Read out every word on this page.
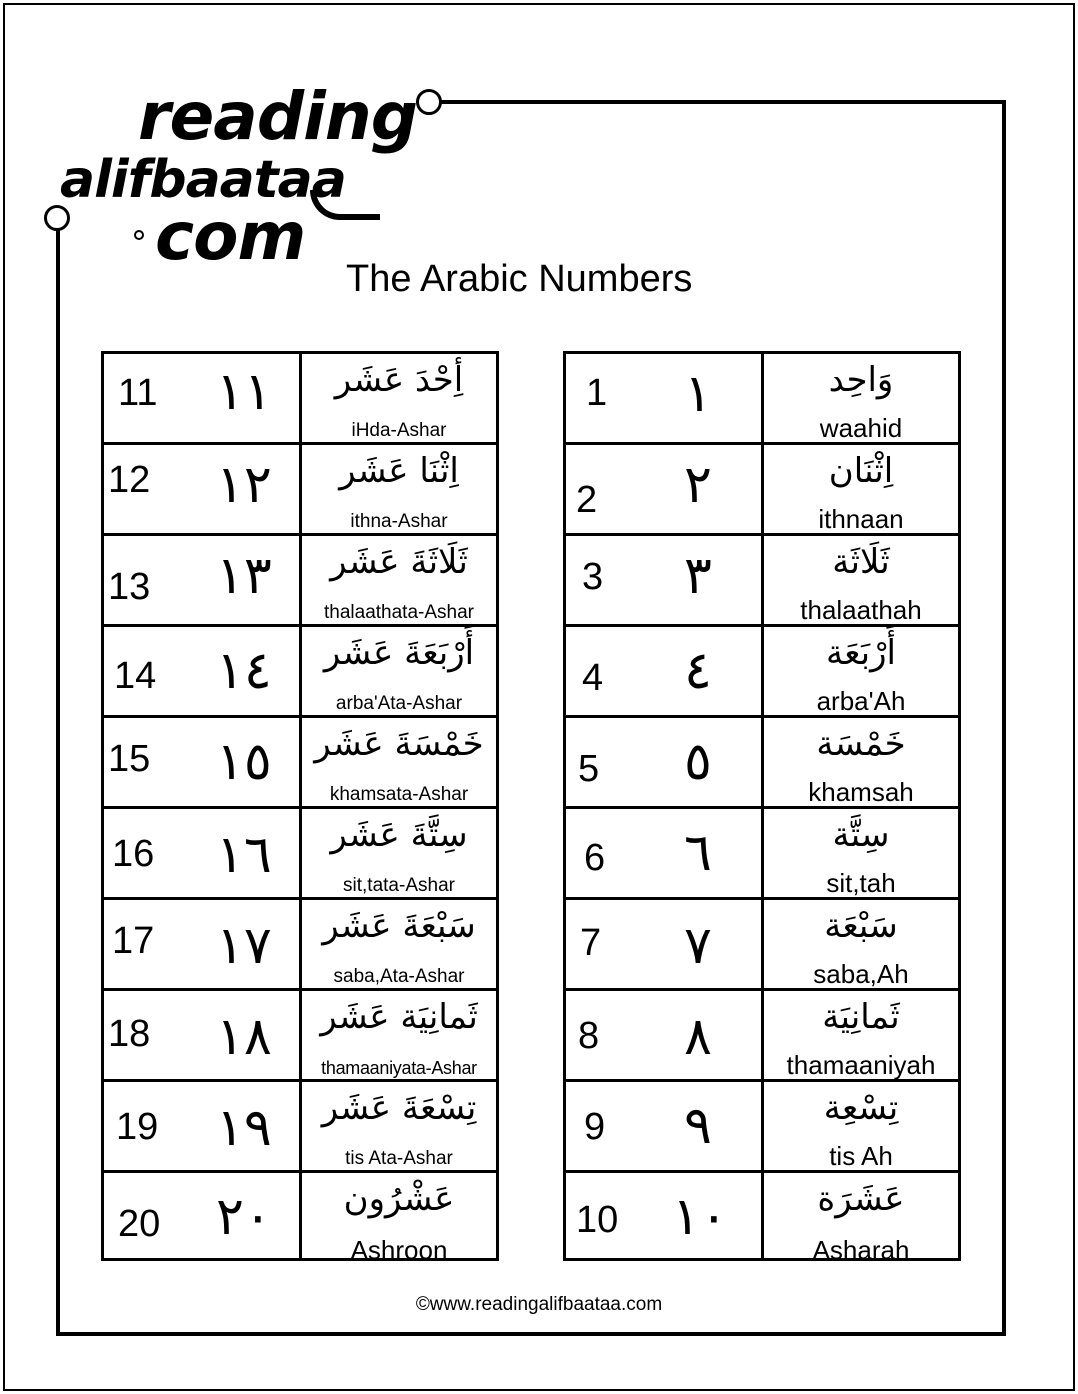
reading
alifbaataa
com
The Arabic Numbers
11 ١١	أِحْدَ عَشَر
iHda-Ashar
12 ١٢	اِثْنَا عَشَر
ithna-Ashar
13 ١٣	ثَلَاثَةَ عَشَر
thalaathata-Ashar
14 ١٤	أَرْبَعَةَ عَشَر
arba'Ata-Ashar
15 ١٥	خَمْسَةَ عَشَر
khamsata-Ashar
16 ١٦	سِتَّةَ عَشَر
sit,tata-Ashar
17 ١٧	سَبْعَةَ عَشَر
saba,Ata-Ashar
18 ١٨	ثَمانِيَة عَشَر
thamaaniyata-Ashar
19 ١٩	تِسْعَةَ عَشَر
tis Ata-Ashar
20 ٢٠	عَشْرُون
Ashroon
1 ١	وَاحِد
waahid
2 ٢	اِثْنَان
ithnaan
3 ٣	ثَلَاثَة
thalaathah
4 ٤	أَرْبَعَة
arba'Ah
5 ٥	خَمْسَة
khamsah
6 ٦	سِتَّة
sit,tah
7 ٧	سَبْعَة
saba,Ah
8 ٨	ثَمانِيَة
thamaaniyah
9 ٩	تِسْعِة
tis Ah
10 ١٠	عَشَرَة
Asharah
©www.readingalifbaataa.com
